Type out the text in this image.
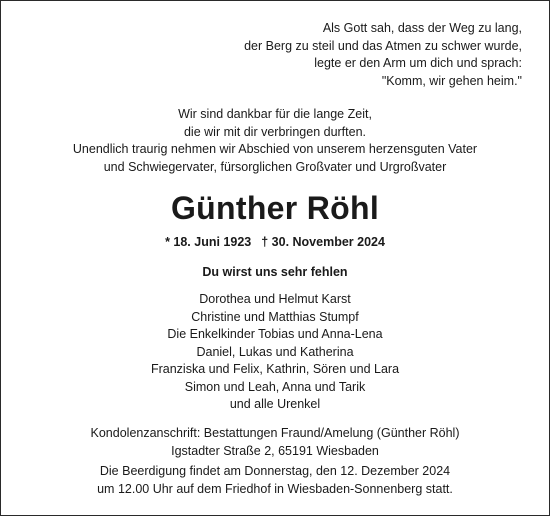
Als Gott sah, dass der Weg zu lang,
der Berg zu steil und das Atmen zu schwer wurde,
legte er den Arm um dich und sprach:
"Komm, wir gehen heim."
Wir sind dankbar für die lange Zeit,
die wir mit dir verbringen durften.
Unendlich traurig nehmen wir Abschied von unserem herzensguten Vater
und Schwiegervater, fürsorglichen Großvater und Urgroßvater
Günther Röhl
* 18. Juni 1923 † 30. November 2024
Du wirst uns sehr fehlen
Dorothea und Helmut Karst
Christine und Matthias Stumpf
Die Enkelkinder Tobias und Anna-Lena
Daniel, Lukas und Katherina
Franziska und Felix, Kathrin, Sören und Lara
Simon und Leah, Anna und Tarik
und alle Urenkel
Kondolenzanschrift: Bestattungen Fraund/Amelung (Günther Röhl)
Igstadter Straße 2, 65191 Wiesbaden
Die Beerdigung findet am Donnerstag, den 12. Dezember 2024
um 12.00 Uhr auf dem Friedhof in Wiesbaden-Sonnenberg statt.
